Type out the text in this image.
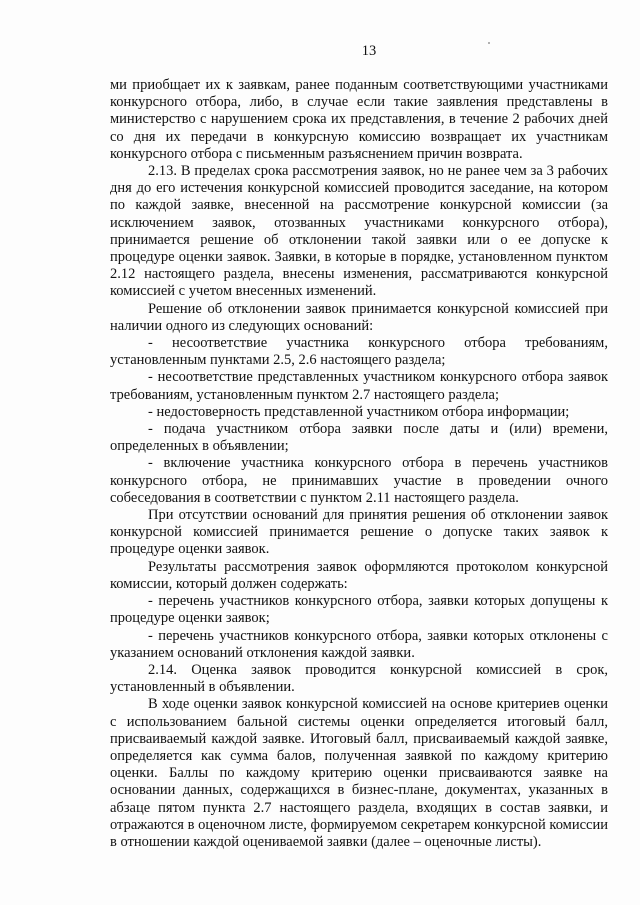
13

ми приобщает их к заявкам, ранее поданным соответствующими участниками конкурсного отбора, либо, в случае если такие заявления представлены в министерство с нарушением срока их представления, в течение 2 рабочих дней со дня их передачи в конкурсную комиссию возвращает их участникам конкурсного отбора с письменным разъяснением причин возврата.

2.13. В пределах срока рассмотрения заявок, но не ранее чем за 3 рабочих дня до его истечения конкурсной комиссией проводится заседание, на котором по каждой заявке, внесенной на рассмотрение конкурсной комиссии (за исключением заявок, отозванных участниками конкурсного отбора), принимается решение об отклонении такой заявки или о ее допуске к процедуре оценки заявок. Заявки, в которые в порядке, установленном пунктом 2.12 настоящего раздела, внесены изменения, рассматриваются конкурсной комиссией с учетом внесенных изменений.

Решение об отклонении заявок принимается конкурсной комиссией при наличии одного из следующих оснований:

- несоответствие участника конкурсного отбора требованиям, установленным пунктами 2.5, 2.6 настоящего раздела;

- несоответствие представленных участником конкурсного отбора заявок требованиям, установленным пунктом 2.7 настоящего раздела;

- недостоверность представленной участником отбора информации;

- подача участником отбора заявки после даты и (или) времени, определенных в объявлении;

- включение участника конкурсного отбора в перечень участников конкурсного отбора, не принимавших участие в проведении очного собеседования в соответствии с пунктом 2.11 настоящего раздела.

При отсутствии оснований для принятия решения об отклонении заявок конкурсной комиссией принимается решение о допуске таких заявок к процедуре оценки заявок.

Результаты рассмотрения заявок оформляются протоколом конкурсной комиссии, который должен содержать:

- перечень участников конкурсного отбора, заявки которых допущены к процедуре оценки заявок;

- перечень участников конкурсного отбора, заявки которых отклонены с указанием оснований отклонения каждой заявки.

2.14. Оценка заявок проводится конкурсной комиссией в срок, установленный в объявлении.

В ходе оценки заявок конкурсной комиссией на основе критериев оценки с использованием бальной системы оценки определяется итоговый балл, присваиваемый каждой заявке. Итоговый балл, присваиваемый каждой заявке, определяется как сумма балов, полученная заявкой по каждому критерию оценки. Баллы по каждому критерию оценки присваиваются заявке на основании данных, содержащихся в бизнес-плане, документах, указанных в абзаце пятом пункта 2.7 настоящего раздела, входящих в состав заявки, и отражаются в оценочном листе, формируемом секретарем конкурсной комиссии в отношении каждой оцениваемой заявки (далее – оценочные листы).
